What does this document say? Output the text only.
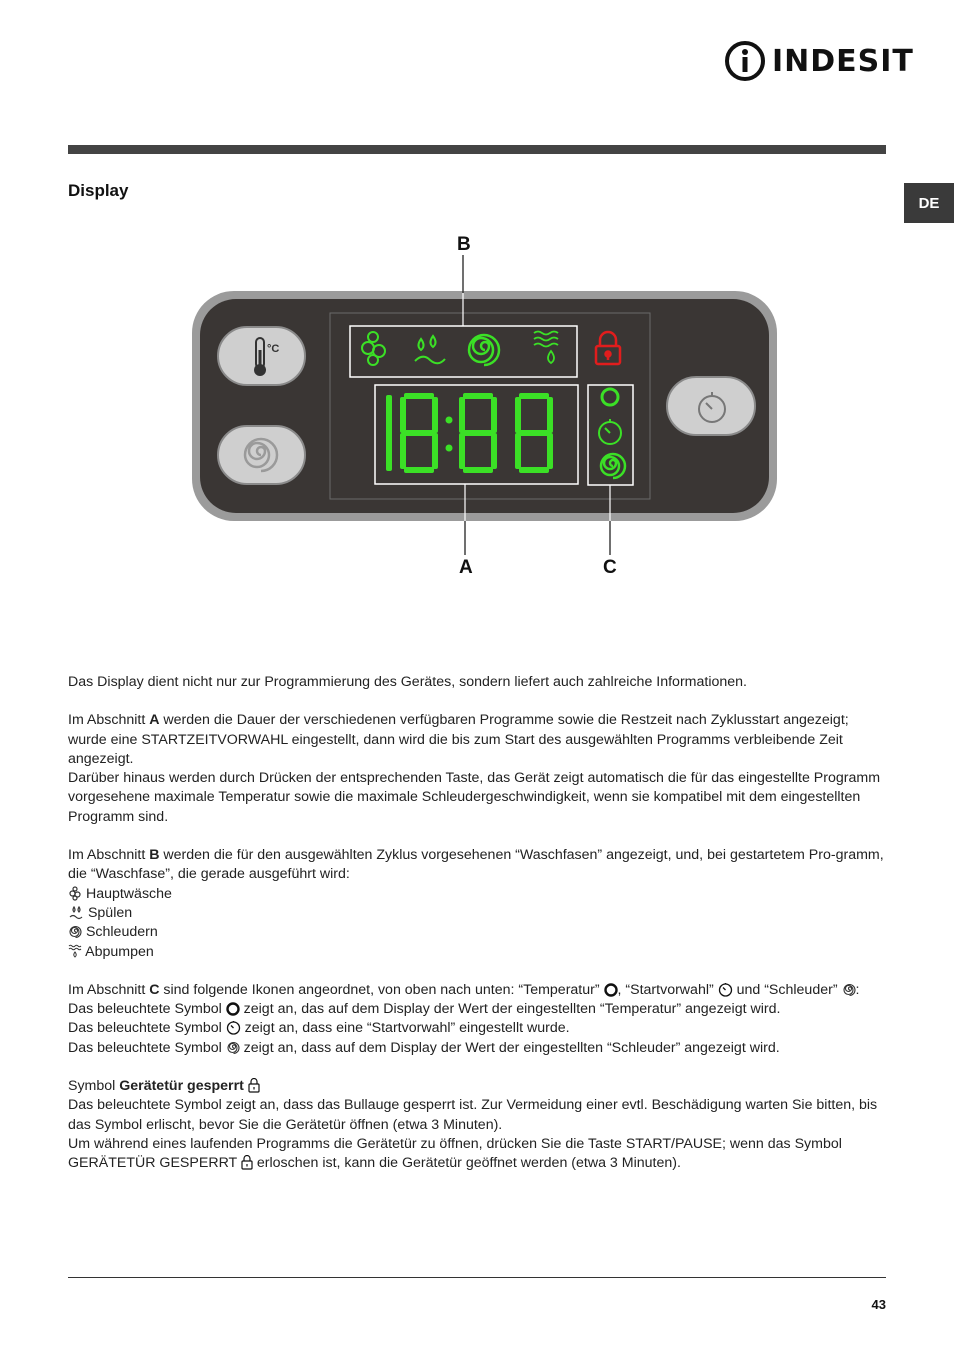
INDESIT
DE
Display
B
A	C
°C

Das Display dient nicht nur zur Programmierung des Gerätes, sondern liefert auch zahlreiche Informationen.

Im Abschnitt A werden die Dauer der verschiedenen verfügbaren Programme sowie die Restzeit nach Zyklusstart angezeigt; wurde eine STARTZEITVORWAHL eingestellt, dann wird die bis zum Start des ausgewählten Programms verbleibende Zeit angezeigt.

Darüber hinaus werden durch Drücken der entsprechenden Taste, das Gerät zeigt automatisch die für das eingestellte Programm vorgesehene maximale Temperatur sowie die maximale Schleudergeschwindigkeit, wenn sie kompatibel mit dem eingestellten Programm sind.

Im Abschnitt B werden die für den ausgewählten Zyklus vorgesehenen “Waschfasen” angezeigt, und, bei gestartetem Pro-gramm, die “Waschfase”, die gerade ausgeführt wird:

Hauptwäsche

Spülen

Schleudern

Abpumpen

Im Abschnitt C sind folgende Ikonen angeordnet, von oben nach unten: “Temperatur” , “Startvorwahl”  und “Schleuder” :

Das beleuchtete Symbol  zeigt an, das auf dem Display der Wert der eingestellten “Temperatur” angezeigt wird.

Das beleuchtete Symbol  zeigt an, dass eine “Startvorwahl” eingestellt wurde.

Das beleuchtete Symbol  zeigt an, dass auf dem Display der Wert der eingestellten “Schleuder” angezeigt wird.

Symbol Gerätetür gesperrt

Das beleuchtete Symbol zeigt an, dass das Bullauge gesperrt ist. Zur Vermeidung einer evtl. Beschädigung warten Sie bitten, bis das Symbol erlischt, bevor Sie die Gerätetür öffnen (etwa 3 Minuten).

Um während eines laufenden Programms die Gerätetür zu öffnen, drücken Sie die Taste START/PAUSE; wenn das Symbol GERÄTETÜR GESPERRT  erloschen ist, kann die Gerätetür geöffnet werden (etwa 3 Minuten).

43
